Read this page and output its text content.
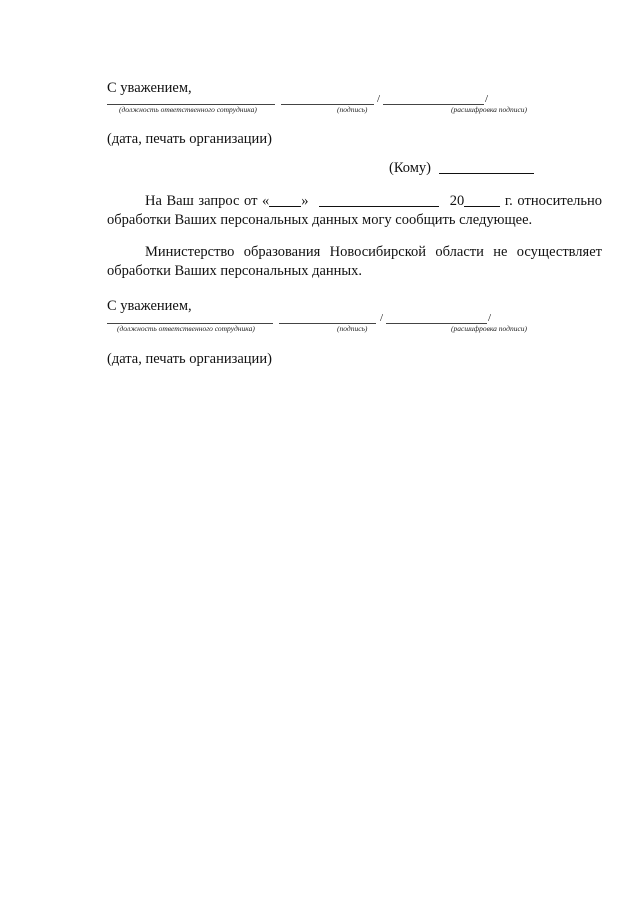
С уважением,
/	/
(должность ответственного сотрудника)	(подпись)	(расшифровка подписи)
(дата, печать организации)
(Кому)
На Ваш запрос от « »	20	г. относительно обработки Ваших персональных данных могу сообщить следующее.
Министерство образования Новосибирской области не осуществляет обработки Ваших персональных данных.
С уважением,
/	/
(должность ответственного сотрудника)	(подпись)	(расшифровка подписи)
(дата, печать организации)
